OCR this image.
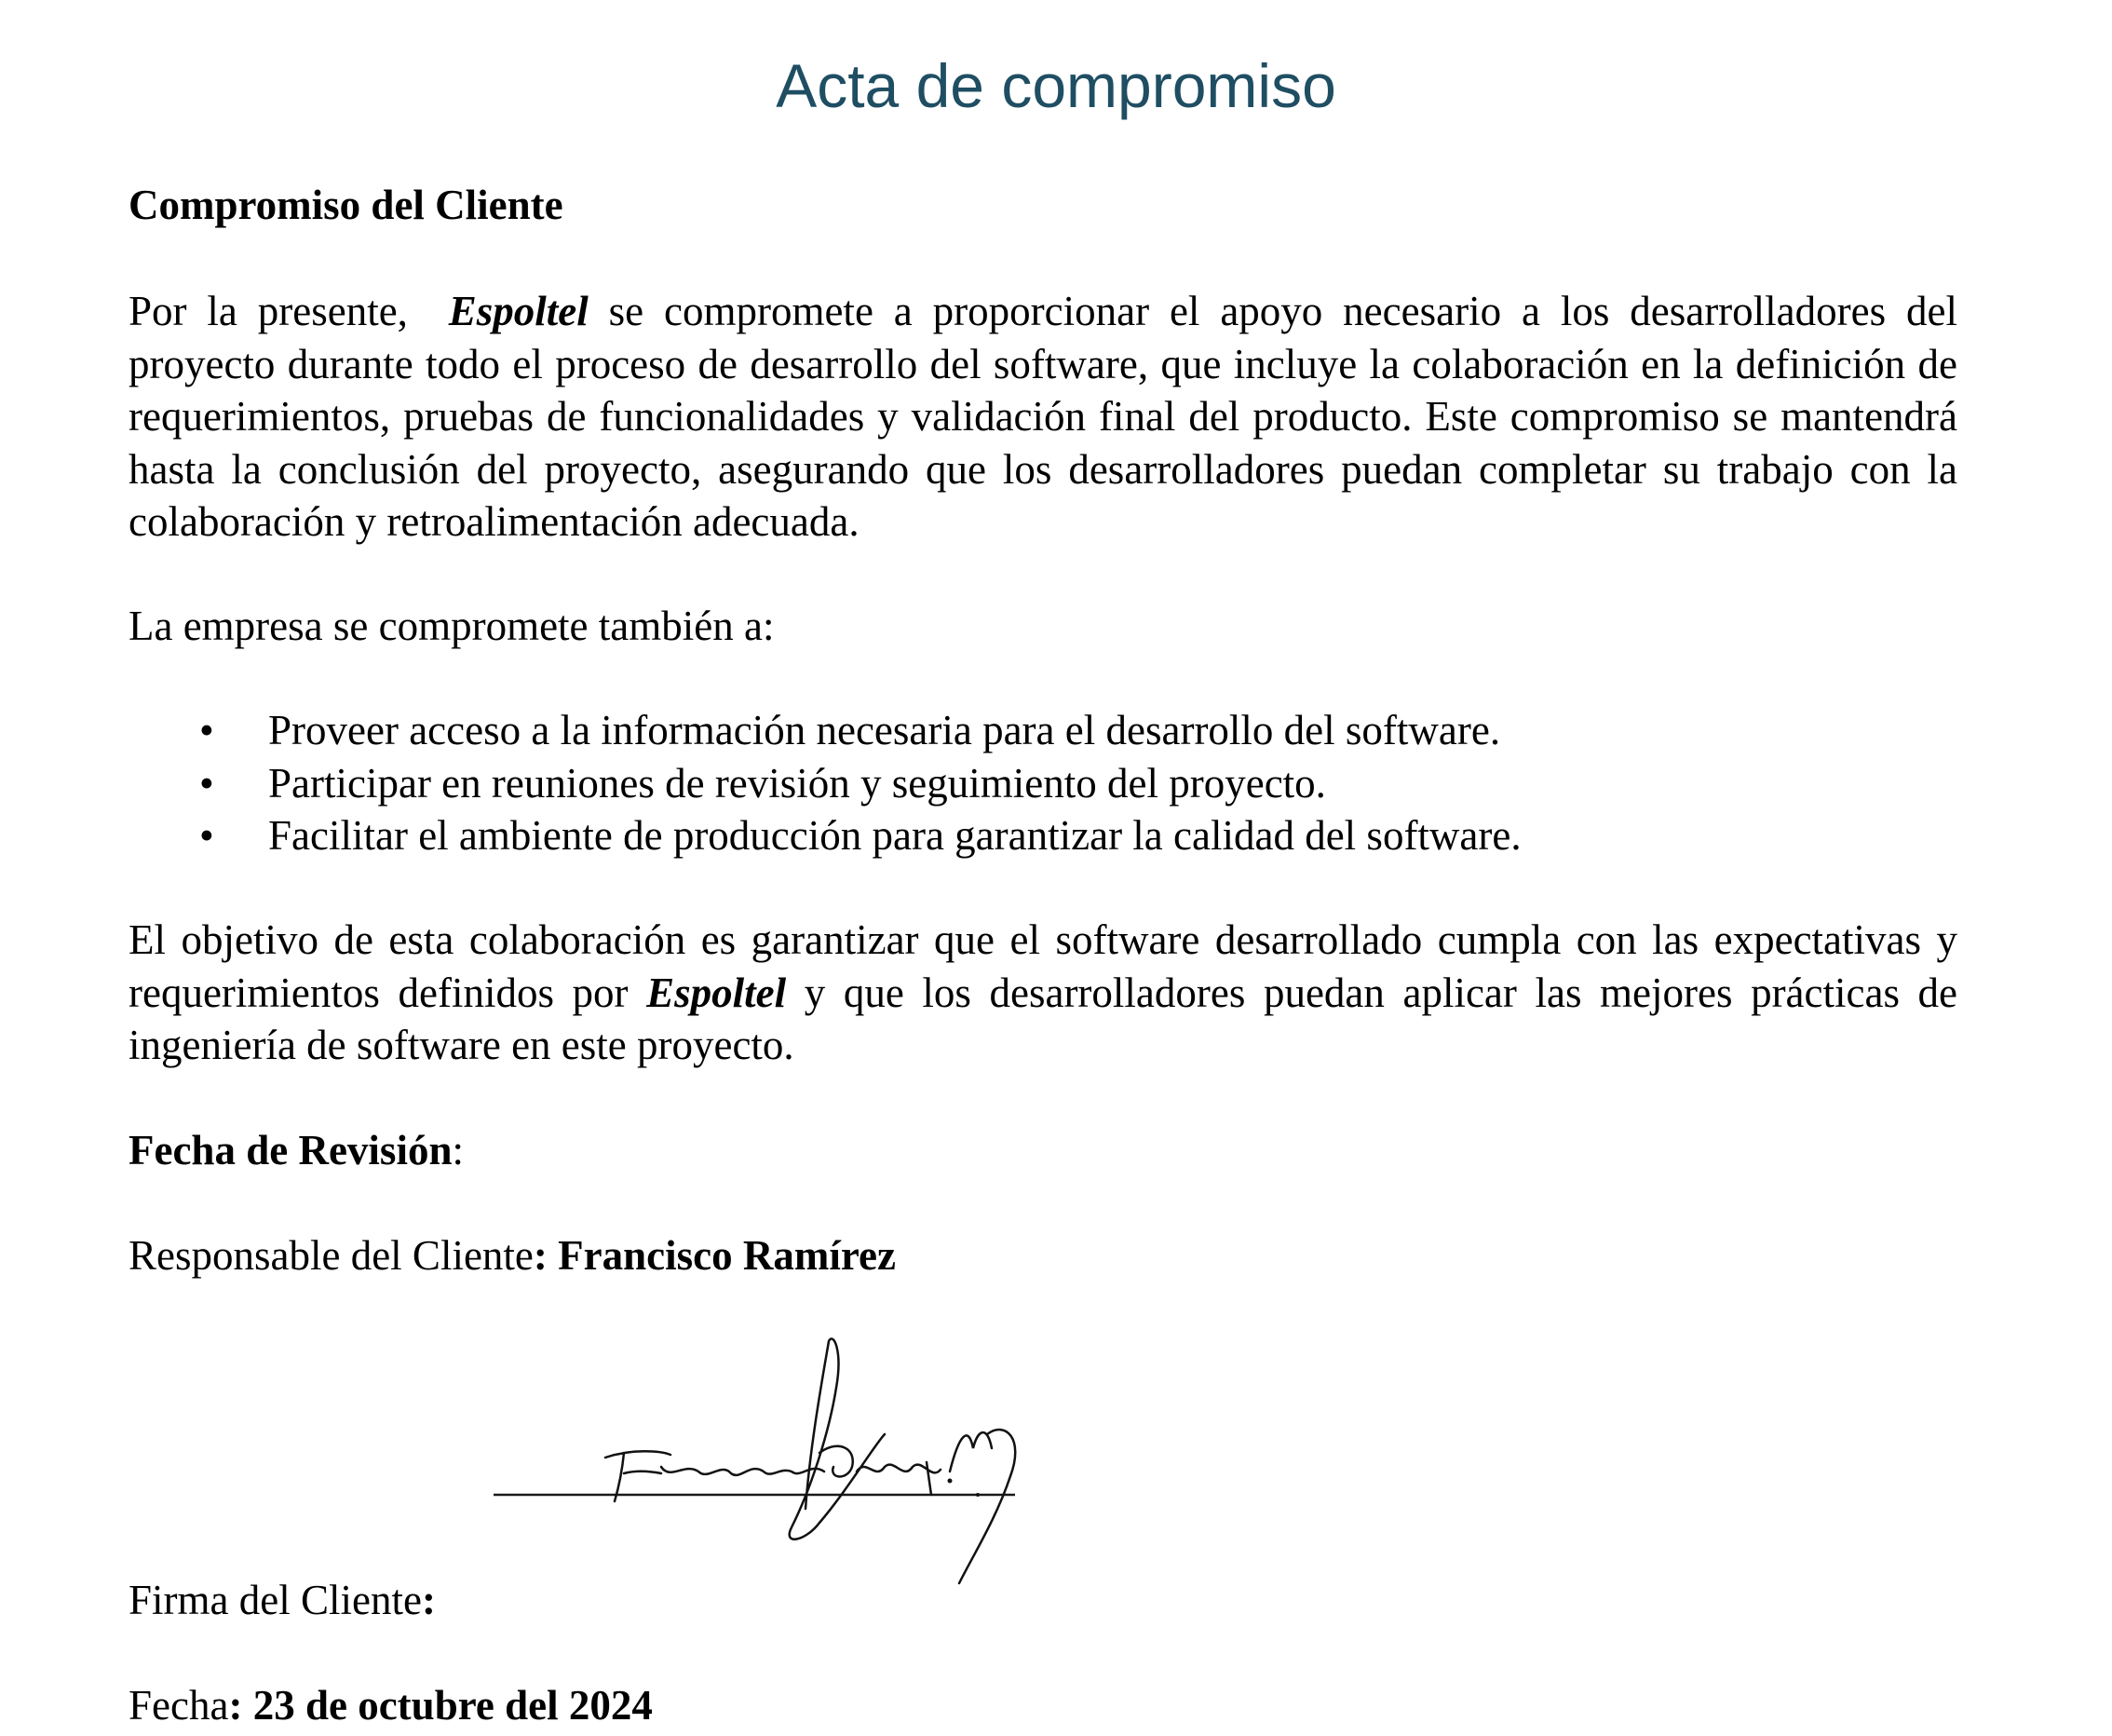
Acta de compromiso
Compromiso del Cliente
Por la presente, Espoltel se compromete a proporcionar el apoyo necesario a los desarrolladores del proyecto durante todo el proceso de desarrollo del software, que incluye la colaboración en la definición de requerimientos, pruebas de funcionalidades y validación final del producto. Este compromiso se mantendrá hasta la conclusión del proyecto, asegurando que los desarrolladores puedan completar su trabajo con la colaboración y retroalimentación adecuada.
La empresa se compromete también a:
• Proveer acceso a la información necesaria para el desarrollo del software.
• Participar en reuniones de revisión y seguimiento del proyecto.
• Facilitar el ambiente de producción para garantizar la calidad del software.
El objetivo de esta colaboración es garantizar que el software desarrollado cumpla con las expectativas y requerimientos definidos por Espoltel y que los desarrolladores puedan aplicar las mejores prácticas de ingeniería de software en este proyecto.
Fecha de Revisión:
Responsable del Cliente: Francisco Ramírez
Firma del Cliente:
Fecha: 23 de octubre del 2024
